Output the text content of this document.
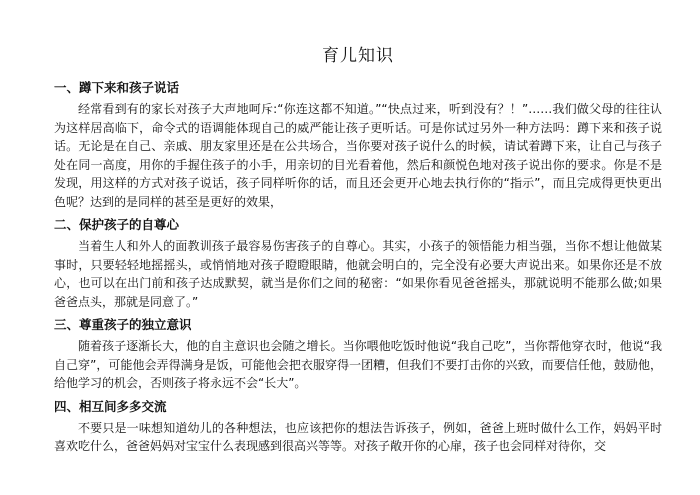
育儿知识
一、蹲下来和孩子说话

经常看到有的家长对孩子大声地呵斥:“你连这都不知道。”“快点过来，听到没有？！”……我们做父母的往往认为这样居高临下，命令式的语调能体现自己的威严能让孩子更听话。可是你试过另外一种方法吗：蹲下来和孩子说话。无论是在自己、亲戚、朋友家里还是在公共场合，当你要对孩子说什么的时候，请试着蹲下来，让自己与孩子处在同一高度，用你的手握住孩子的小手，用亲切的目光看着他，然后和颜悦色地对孩子说出你的要求。你是不是发现，用这样的方式对孩子说话，孩子同样听你的话，而且还会更开心地去执行你的“指示”，而且完成得更快更出色呢？达到的是同样的甚至是更好的效果，

二、保护孩子的自尊心

当着生人和外人的面教训孩子最容易伤害孩子的自尊心。其实，小孩子的领悟能力相当强，当你不想让他做某事时，只要轻轻地摇摇头，或悄悄地对孩子瞪瞪眼睛，他就会明白的，完全没有必要大声说出来。如果你还是不放心，也可以在出门前和孩子达成默契，就当是你们之间的秘密：“如果你看见爸爸摇头，那就说明不能那么做;如果爸爸点头，那就是同意了。”

三、尊重孩子的独立意识

随着孩子逐渐长大，他的自主意识也会随之增长。当你喂他吃饭时他说“我自己吃”，当你帮他穿衣时，他说“我自己穿”，可能他会弄得满身是饭，可能他会把衣服穿得一团糟，但我们不要打击你的兴致，而要信任他，鼓励他，给他学习的机会，否则孩子将永远不会“长大”。

四、相互间多多交流

不要只是一味想知道幼儿的各种想法，也应该把你的想法告诉孩子，例如，爸爸上班时做什么工作，妈妈平时喜欢吃什么，爸爸妈妈对宝宝什么表现感到很高兴等等。对孩子敞开你的心扉，孩子也会同样对待你，交
